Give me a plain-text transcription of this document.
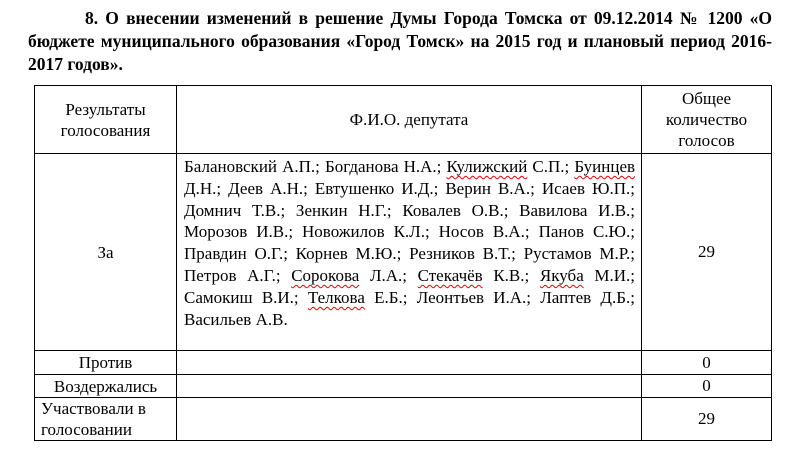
8. О внесении изменений в решение Думы Города Томска от 09.12.2014 № 1200 «О бюджете муниципального образования «Город Томск» на 2015 год и плановый период 2016-2017 годов».

Результаты голосования	Ф.И.О. депутата	Общее количество голосов
За	Балановский А.П.; Богданова Н.А.; Кулижский С.П.; Буинцев Д.Н.; Деев А.Н.; Евтушенко И.Д.; Верин В.А.; Исаев Ю.П.; Домнич Т.В.; Зенкин Н.Г.; Ковалев О.В.; Вавилова И.В.; Морозов И.В.; Новожилов К.Л.; Носов В.А.; Панов С.Ю.; Правдин О.Г.; Корнев М.Ю.; Резников В.Т.; Рустамов М.Р.; Петров А.Г.; Сорокова Л.А.; Стекачёв К.В.; Якуба М.И.; Самокиш В.И.; Телкова Е.Б.; Леонтьев И.А.; Лаптев Д.Б.; Васильев А.В.	29
Против		0
Воздержались		0
Участвовали в голосовании		29
